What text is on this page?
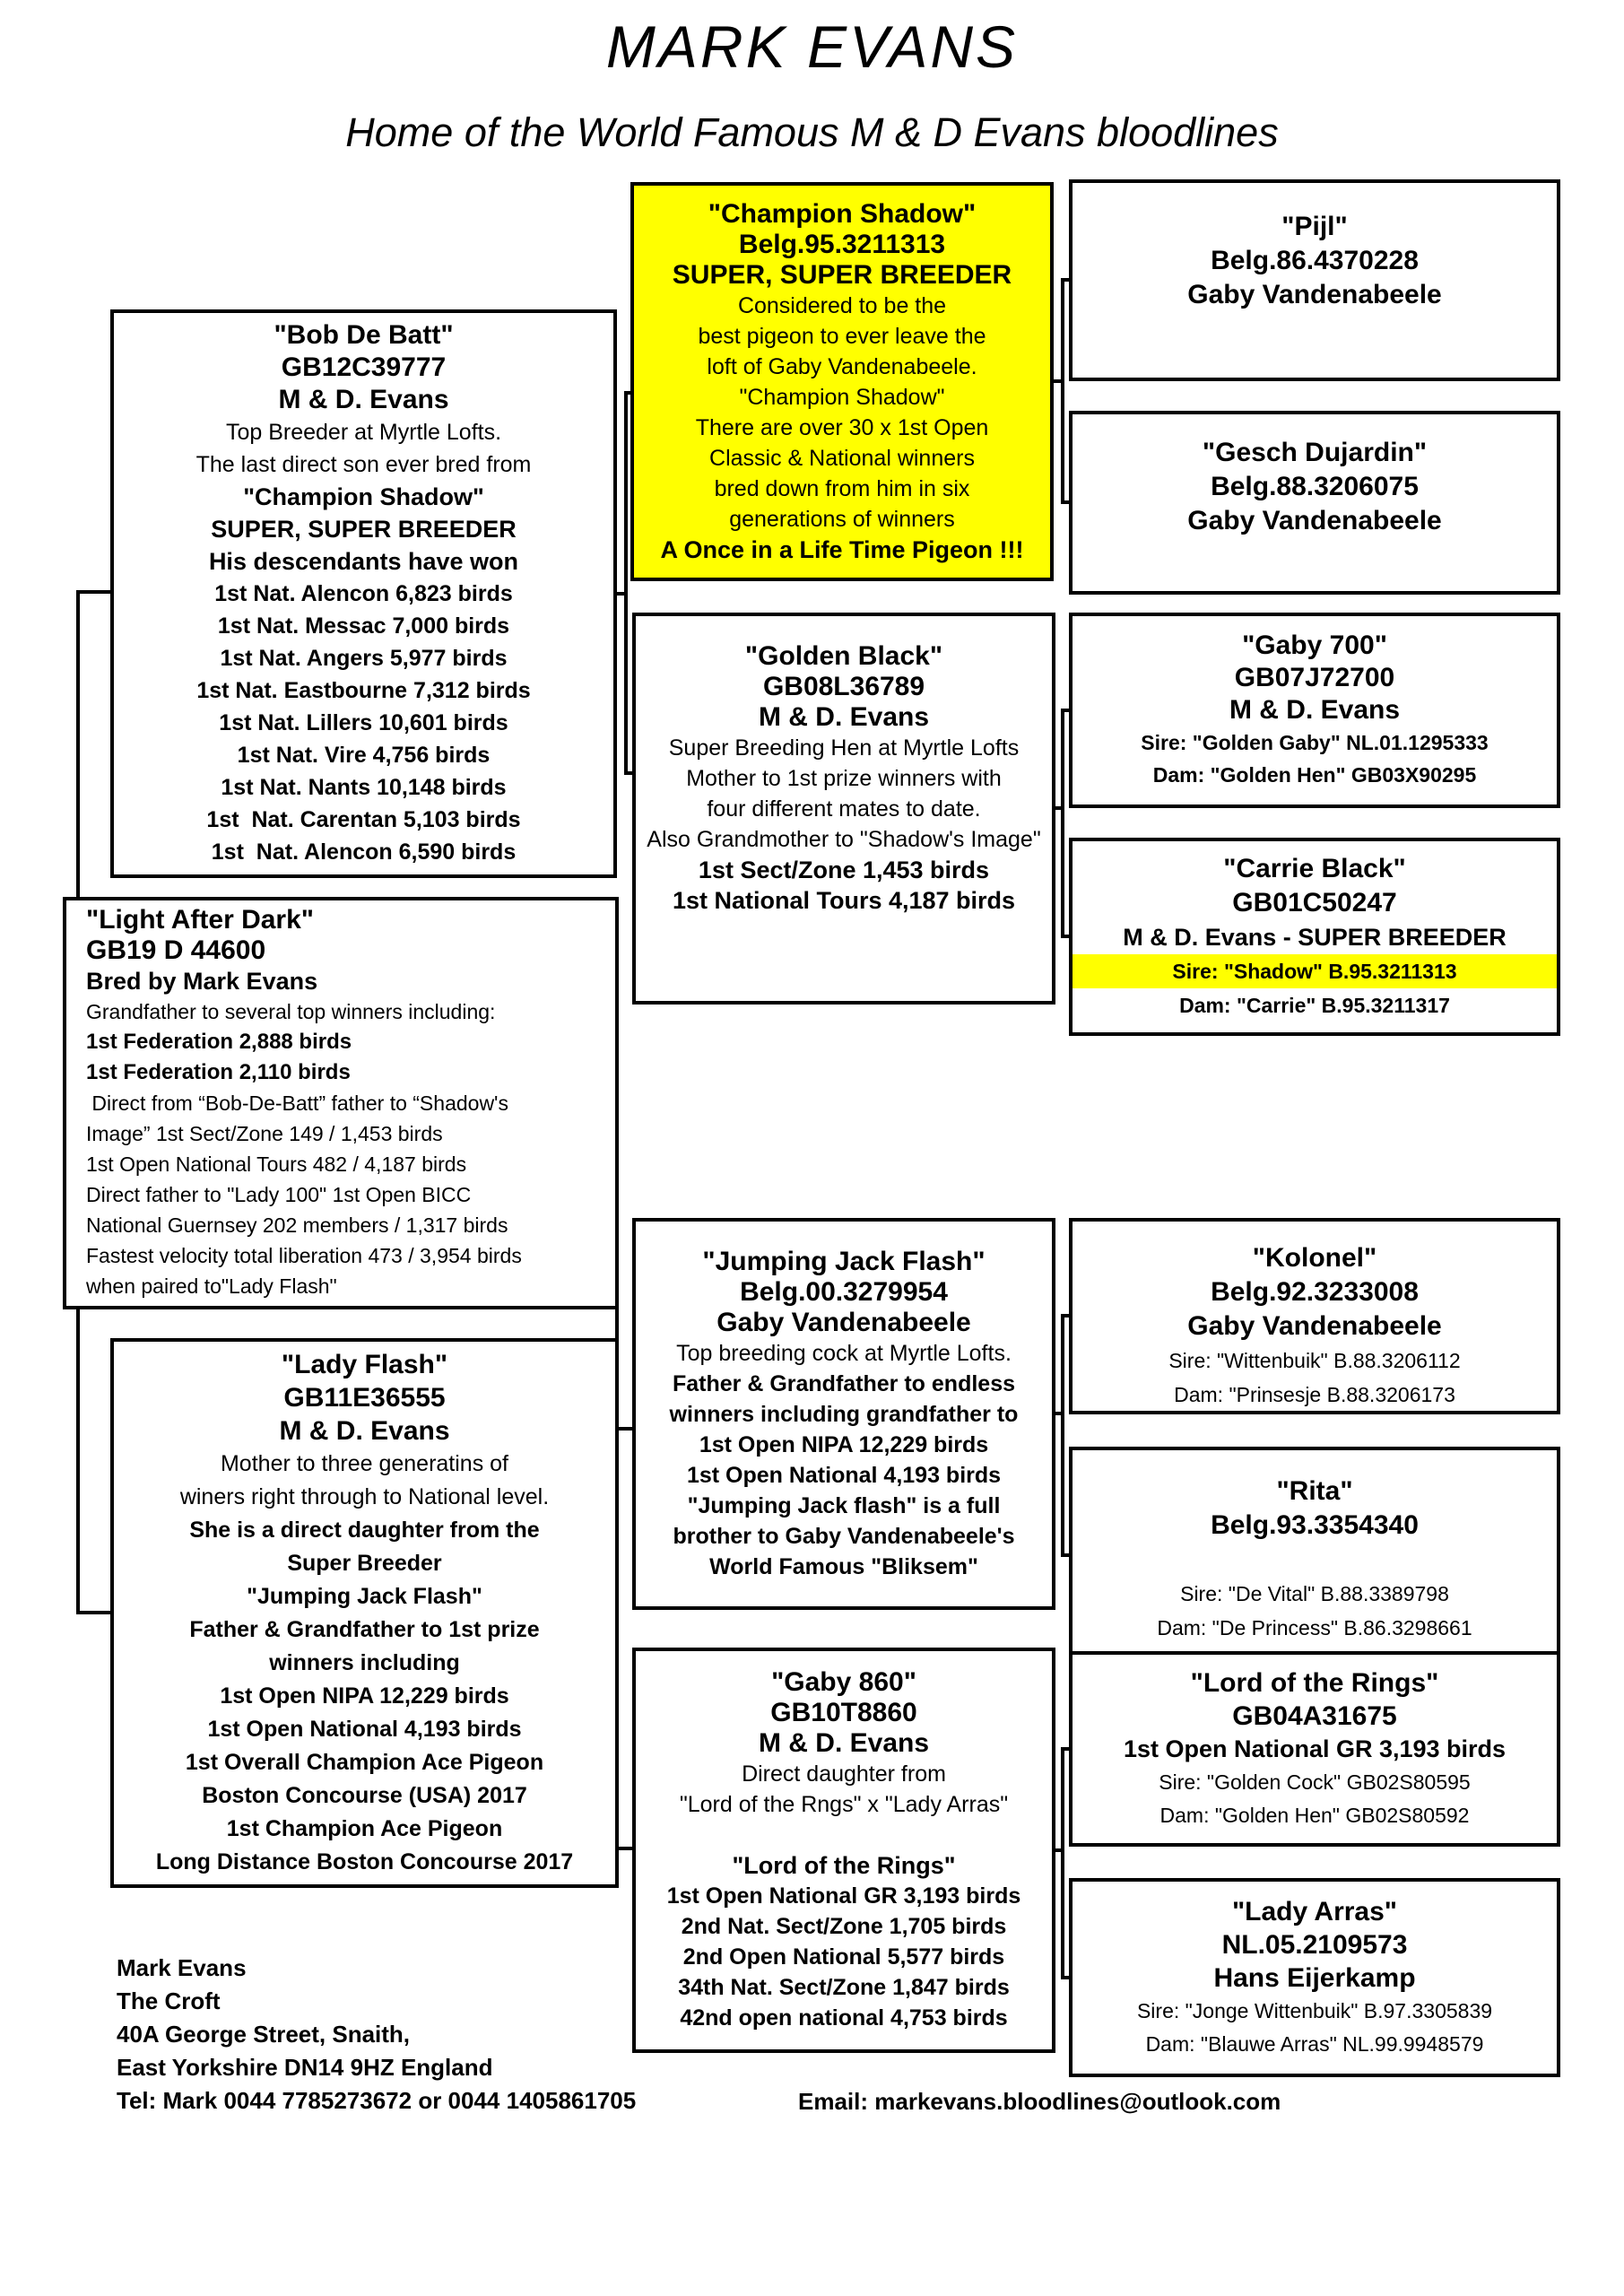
MARK EVANS
Home of the World Famous M & D Evans bloodlines
"Champion Shadow"
Belg.95.3211313
SUPER, SUPER BREEDER
Considered to be the
best pigeon to ever leave the
loft of Gaby Vandenabeele.
"Champion Shadow"
There are over 30 x 1st Open
Classic & National winners
bred down from him in six
generations of winners
A Once in a Life Time Pigeon !!!
"Pijl"
Belg.86.4370228
Gaby Vandenabeele
"Gesch Dujardin"
Belg.88.3206075
Gaby Vandenabeele
"Bob De Batt"
GB12C39777
M & D. Evans
Top Breeder at Myrtle Lofts.
The last direct son ever bred from
"Champion Shadow"
SUPER, SUPER BREEDER
His descendants have won
1st Nat. Alencon 6,823 birds
1st Nat. Messac 7,000 birds
1st Nat. Angers 5,977 birds
1st Nat. Eastbourne 7,312 birds
1st Nat. Lillers 10,601 birds
1st Nat. Vire 4,756 birds
1st Nat. Nants 10,148 birds
1st  Nat. Carentan 5,103 birds
1st  Nat. Alencon 6,590 birds
"Golden Black"
GB08L36789
M & D. Evans
Super Breeding Hen at Myrtle Lofts
Mother to 1st prize winners with
four different mates to date.
Also Grandmother to "Shadow's Image"
1st Sect/Zone 1,453 birds
1st National Tours 4,187 birds
"Gaby 700"
GB07J72700
M & D. Evans
Sire: "Golden Gaby" NL.01.1295333
Dam: "Golden Hen" GB03X90295
"Carrie Black"
GB01C50247
M & D. Evans - SUPER BREEDER
Sire: "Shadow" B.95.3211313
Dam: "Carrie" B.95.3211317
"Light After Dark"
GB19 D 44600
Bred by Mark Evans
Grandfather to several top winners including:
1st Federation 2,888 birds
1st Federation 2,110 birds
Direct from “Bob-De-Batt” father to “Shadow's
Image” 1st Sect/Zone 149 / 1,453 birds
1st Open National Tours 482 / 4,187 birds
Direct father to "Lady 100" 1st Open BICC
National Guernsey 202 members / 1,317 birds
Fastest velocity total liberation 473 / 3,954 birds
when paired to"Lady Flash"
"Jumping Jack Flash"
Belg.00.3279954
Gaby Vandenabeele
Top breeding cock at Myrtle Lofts.
Father & Grandfather to endless
winners including grandfather to
1st Open NIPA 12,229 birds
1st Open National 4,193 birds
"Jumping Jack flash" is a full
brother to Gaby Vandenabeele's
World Famous "Bliksem"
"Kolonel"
Belg.92.3233008
Gaby Vandenabeele
Sire: "Wittenbuik" B.88.3206112
Dam: "Prinsesje B.88.3206173
"Rita"
Belg.93.3354340

Sire: "De Vital" B.88.3389798
Dam: "De Princess" B.86.3298661
"Lady Flash"
GB11E36555
M & D. Evans
Mother to three generatins of
winers right through to National level.
She is a direct daughter from the
Super Breeder
"Jumping Jack Flash"
Father & Grandfather to 1st prize
winners including
1st Open NIPA 12,229 birds
1st Open National 4,193 birds
1st Overall Champion Ace Pigeon
Boston Concourse (USA) 2017
1st Champion Ace Pigeon
Long Distance Boston Concourse 2017
"Gaby 860"
GB10T8860
M & D. Evans
Direct daughter from
"Lord of the Rngs" x "Lady Arras"

"Lord of the Rings"
1st Open National GR 3,193 birds
2nd Nat. Sect/Zone 1,705 birds
2nd Open National 5,577 birds
34th Nat. Sect/Zone 1,847 birds
42nd open national 4,753 birds
"Lord of the Rings"
GB04A31675
1st Open National GR 3,193 birds
Sire: "Golden Cock" GB02S80595
Dam: "Golden Hen" GB02S80592
"Lady Arras"
NL.05.2109573
Hans Eijerkamp
Sire: "Jonge Wittenbuik" B.97.3305839
Dam: "Blauwe Arras" NL.99.9948579
Mark Evans
The Croft
40A George Street, Snaith,
East Yorkshire DN14 9HZ England
Tel: Mark 0044 7785273672 or 0044 1405861705	Email: markevans.bloodlines@outlook.com
